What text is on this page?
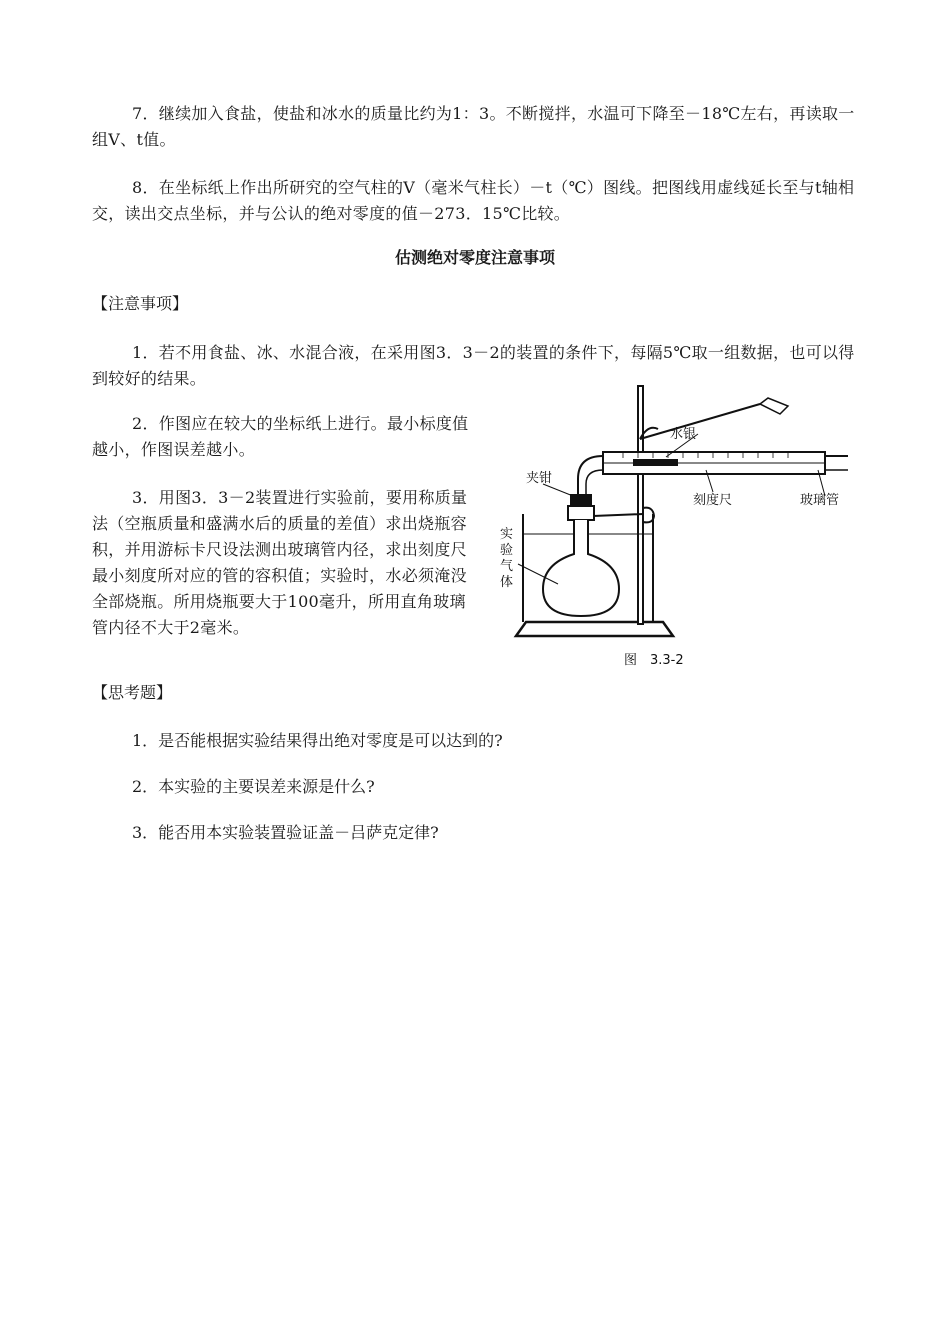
7．继续加入食盐，使盐和冰水的质量比约为1：3。不断搅拌，水温可下降至－18℃左右，再读取一组V、t值。

8．在坐标纸上作出所研究的空气柱的V（毫米气柱长）－t（℃）图线。把图线用虚线延长至与t轴相交，读出交点坐标，并与公认的绝对零度的值－273．15℃比较。

估测绝对零度注意事项

【注意事项】

1．若不用食盐、冰、水混合液，在采用图3．3－2的装置的条件下，每隔5℃取一组数据，也可以得到较好的结果。

2．作图应在较大的坐标纸上进行。最小标度值越小，作图误差越小。

3．用图3．3－2装置进行实验前，要用称质量法（空瓶质量和盛满水后的质量的差值）求出烧瓶容积，并用游标卡尺设法测出玻璃管内径，求出刻度尺最小刻度所对应的管的容积值；实验时，水必须淹没全部烧瓶。所用烧瓶要大于100毫升，所用直角玻璃管内径不大于2毫米。

水银
夹钳
刻度尺	玻璃管
实
验
气
体
图　3.3-2

【思考题】

1．是否能根据实验结果得出绝对零度是可以达到的?

2．本实验的主要误差来源是什么?

3．能否用本实验装置验证盖－吕萨克定律?
